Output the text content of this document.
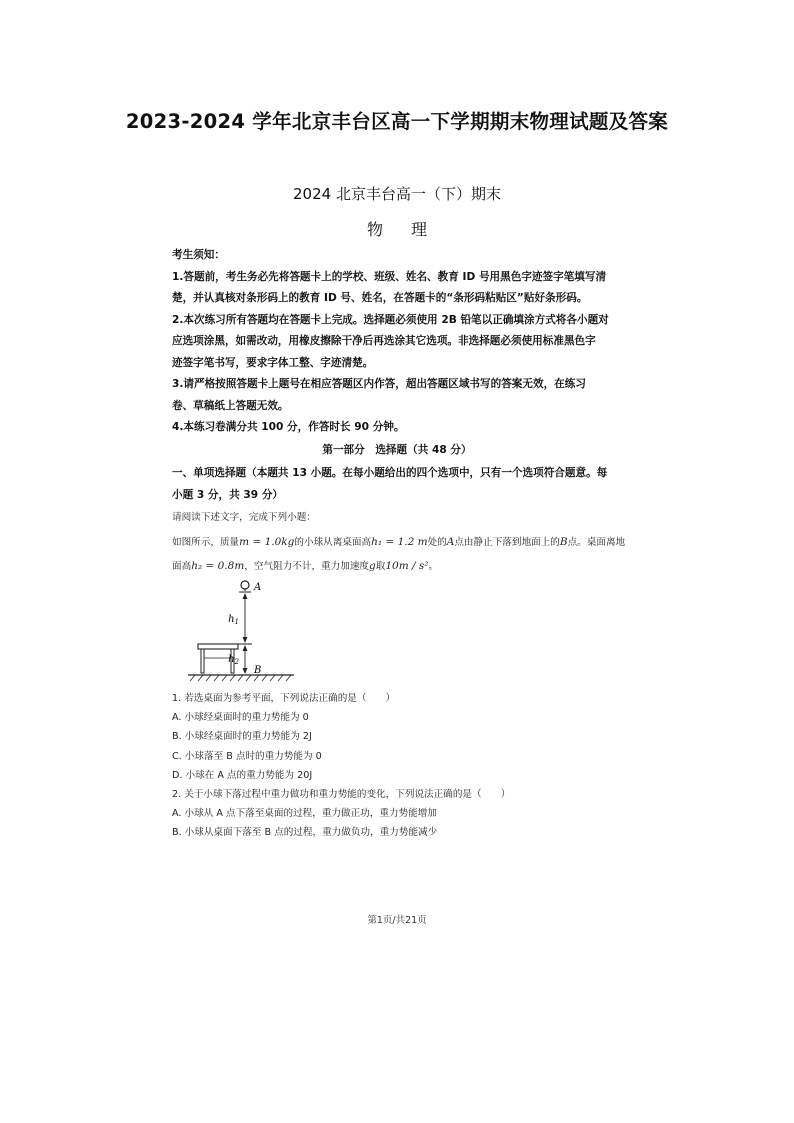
2023-2024 学年北京丰台区高一下学期期末物理试题及答案
2024 北京丰台高一（下）期末
物理

考生须知：

1.答题前，考生务必先将答题卡上的学校、班级、姓名、教育 ID 号用黑色字迹签字笔填写清

楚，并认真核对条形码上的教育 ID 号、姓名，在答题卡的“条形码粘贴区”贴好条形码。

2.本次练习所有答题均在答题卡上完成。选择题必须使用 2B 铅笔以正确填涂方式将各小题对

应选项涂黑，如需改动，用橡皮擦除干净后再选涂其它选项。非选择题必须使用标准黑色字

迹签字笔书写，要求字体工整、字迹清楚。

3.请严格按照答题卡上题号在相应答题区内作答，超出答题区域书写的答案无效，在练习

卷、草稿纸上答题无效。

4.本练习卷满分共 100 分，作答时长 90 分钟。

第一部分　选择题（共 48 分）

一、单项选择题（本题共 13 小题。在每小题给出的四个选项中，只有一个选项符合题意。每

小题 3 分，共 39 分）

请阅读下述文字，完成下列小题：

如图所示，质量m = 1.0kg的小球从离桌面高h₁ = 1.2 m处的A点由静止下落到地面上的B点。桌面离地

面高h₂ = 0.8m，空气阻力不计，重力加速度g取10m / s²。

A
$h_1$
$h_2$
B

1. 若选桌面为参考平面，下列说法正确的是（　　）

A. 小球经桌面时的重力势能为 0

B. 小球经桌面时的重力势能为 2J

C. 小球落至 B 点时的重力势能为 0

D. 小球在 A 点的重力势能为 20J

2. 关于小球下落过程中重力做功和重力势能的变化，下列说法正确的是（　　）

A. 小球从 A 点下落至桌面的过程，重力做正功，重力势能增加

B. 小球从桌面下落至 B 点的过程，重力做负功，重力势能减少

第1页/共21页
